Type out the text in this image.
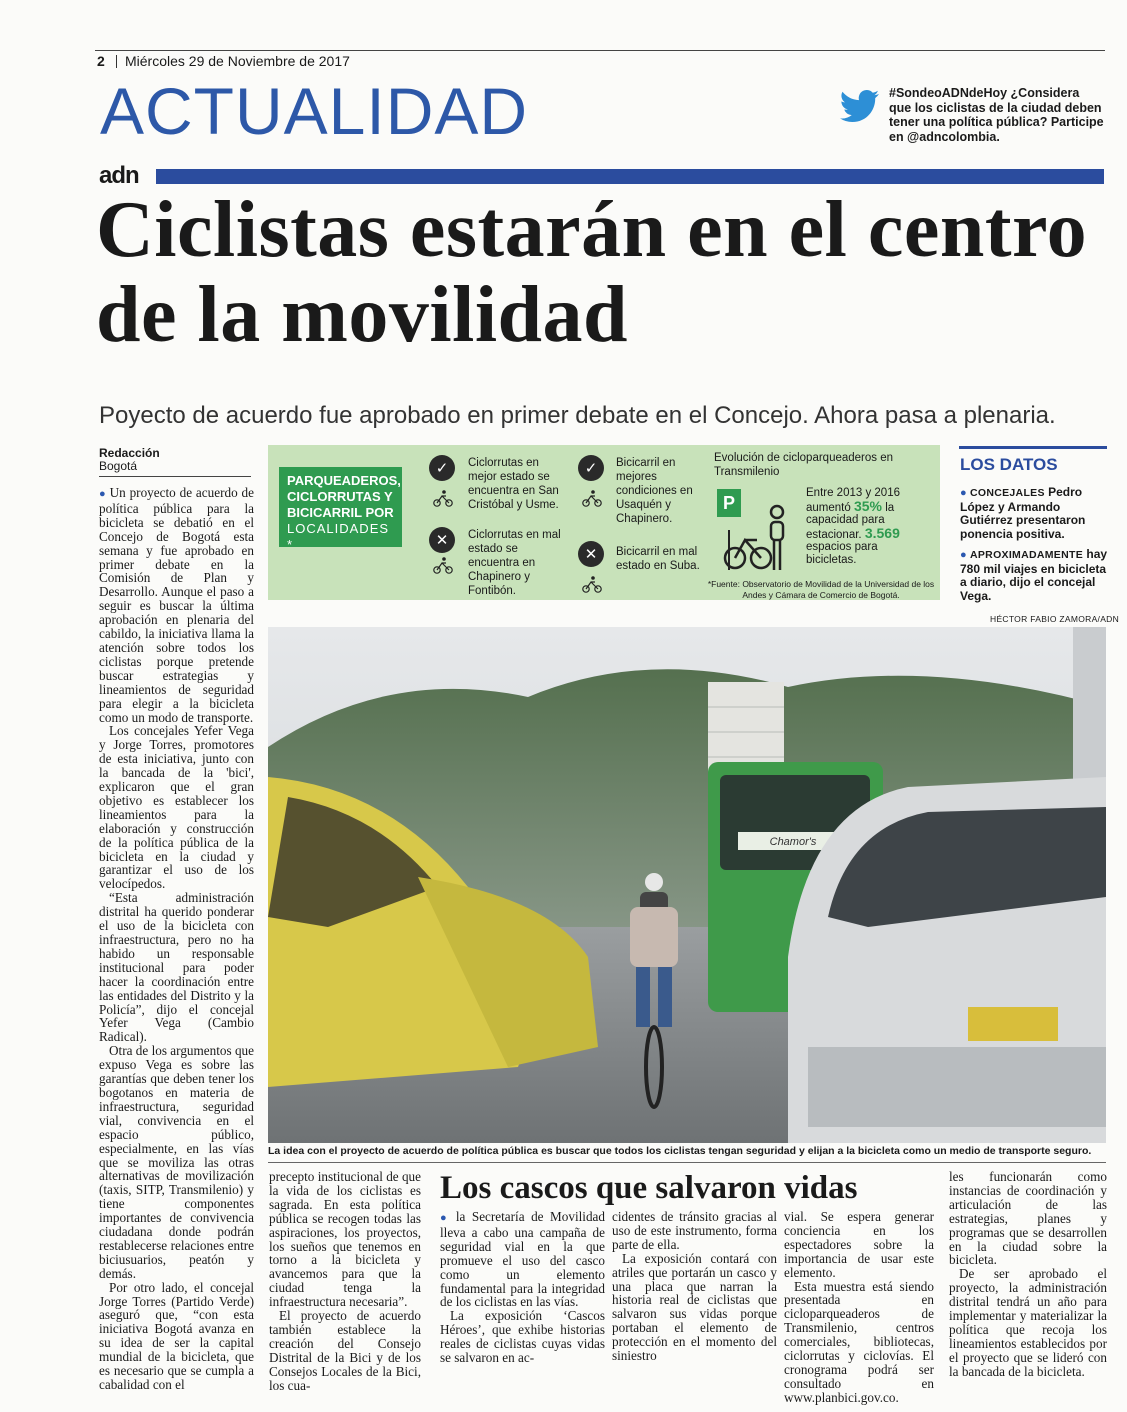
2 Miércoles 29 de Noviembre de 2017
ACTUALIDAD	#SondeoADNdeHoy ¿Considera que los ciclistas de la ciudad deben tener una política pública? Participe en @adncolombia.
adn
Ciclistas estarán en el centro de la movilidad
Poyecto de acuerdo fue aprobado en primer debate en el Concejo. Ahora pasa a plenaria.
Redacción
Bogotá

● Un proyecto de acuerdo de política pública para la bicicleta se debatió en el Concejo de Bogotá esta semana y fue aprobado en primer debate en la Comisión de Plan y Desarrollo. Aunque el paso a seguir es buscar la última aprobación en plenaria del cabildo, la iniciativa llama la atención sobre todos los ciclistas porque pretende buscar estrategias y lineamientos de seguridad para elegir a la bicicleta como un modo de transporte.

Los concejales Yefer Vega y Jorge Torres, promotores de esta iniciativa, junto con la bancada de la 'bici', explicaron que el gran objetivo es establecer los lineamientos para la elaboración y construcción de la política pública de la bicicleta en la ciudad y garantizar el uso de los velocípedos.

“Esta administración distrital ha querido ponderar el uso de la bicicleta con infraestructura, pero no ha habido un responsable institucional para poder hacer la coordinación entre las entidades del Distrito y la Policía”, dijo el concejal Yefer Vega (Cambio Radical).

Otra de los argumentos que expuso Vega es sobre las garantías que deben tener los bogotanos en materia de infraestructura, seguridad vial, convivencia en el espacio público, especialmente, en las vías que se moviliza las otras alternativas de movilización (taxis, SITP, Transmilenio) y tiene componentes importantes de convivencia ciudadana donde podrán restablecerse relaciones entre biciusuarios, peatón y demás.

Por otro lado, el concejal Jorge Torres (Partido Verde) aseguró que, “con esta iniciativa Bogotá avanza en su idea de ser la capital mundial de la bicicleta, que es necesario que se cumpla a cabalidad con el

PARQUEADEROS,
CICLORRUTAS Y
BICICARRIL POR
LOCALIDADES *
✓	Ciclorrutas en mejor estado se encuentra en San Cristóbal y Usme.
✕	Ciclorrutas en mal estado se encuentra en Chapinero y Fontibón.
✓	Bicicarril en mejores condiciones en Usaquén y Chapinero.
✕	Bicicarril en mal estado en Suba.
Evolución de cicloparqueaderos en Transmilenio
P	Entre 2013 y 2016 aumentó 35% la capacidad para estacionar. 3.569 espacios para bicicletas.
*Fuente: Observatorio de Movilidad de la Universidad de los Andes y Cámara de Comercio de Bogotá.
LOS DATOS
● CONCEJALES Pedro López y Armando Gutiérrez presentaron ponencia positiva.
● APROXIMADAMENTE hay 780 mil viajes en bicicleta a diario, dijo el concejal Vega.
HÉCTOR FABIO ZAMORA/ADN
Chamor's
La idea con el proyecto de acuerdo de política pública es buscar que todos los ciclistas tengan seguridad y elijan a la bicicleta como un medio de transporte seguro.

precepto institucional de que la vida de los ciclistas es sagrada. En esta política pública se recogen todas las aspiraciones, los proyectos, los sueños que tenemos en torno a la bicicleta y avancemos para que la ciudad tenga la infraestructura necesaria”.

El proyecto de acuerdo también establece la creación del Consejo Distrital de la Bici y de los Consejos Locales de la Bici, los cua-

Los cascos que salvaron vidas

● la Secretaría de Movilidad lleva a cabo una campaña de seguridad vial en la que promueve el uso del casco como un elemento fundamental para la integridad de los ciclistas en las vías.

La exposición ‘Cascos Héroes’, que exhibe historias reales de ciclistas cuyas vidas se salvaron en ac-

cidentes de tránsito gracias al uso de este instrumento, forma parte de ella.

La exposición contará con atriles que portarán un casco y una placa que narran la historia real de ciclistas que salvaron sus vidas porque portaban el elemento de protección en el momento del siniestro

vial. Se espera generar conciencia en los espectadores sobre la importancia de usar este elemento.

Esta muestra está siendo presentada en cicloparqueaderos de Transmilenio, centros comerciales, bibliotecas, ciclorrutas y ciclovías. El cronograma podrá ser consultado en www.planbici.gov.co.

les funcionarán como instancias de coordinación y articulación de las estrategias, planes y programas que se desarrollen en la ciudad sobre la bicicleta.

De ser aprobado el proyecto, la administración distrital tendrá un año para implementar y materializar la política que recoja los lineamientos establecidos por el proyecto que se lideró con la bancada de la bicicleta.
